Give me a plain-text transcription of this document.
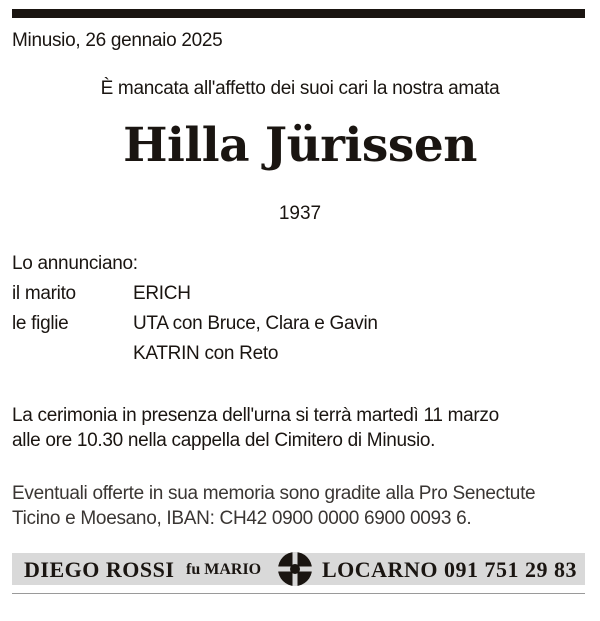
Minusio, 26 gennaio 2025
È mancata all'affetto dei suoi cari la nostra amata
Hilla Jürissen
1937
Lo annunciano:
il marito	ERICH
le figlie	UTA con Bruce, Clara e Gavin
KATRIN con Reto
La cerimonia in presenza dell'urna si terrà martedì 11 marzo
alle ore 10.30 nella cappella del Cimitero di Minusio.
Eventuali offerte in sua memoria sono gradite alla Pro Senectute
Ticino e Moesano, IBAN: CH42 0900 0000 6900 0093 6.
DIEGO ROSSI fu MARIO	LOCARNO 091 751 29 83
